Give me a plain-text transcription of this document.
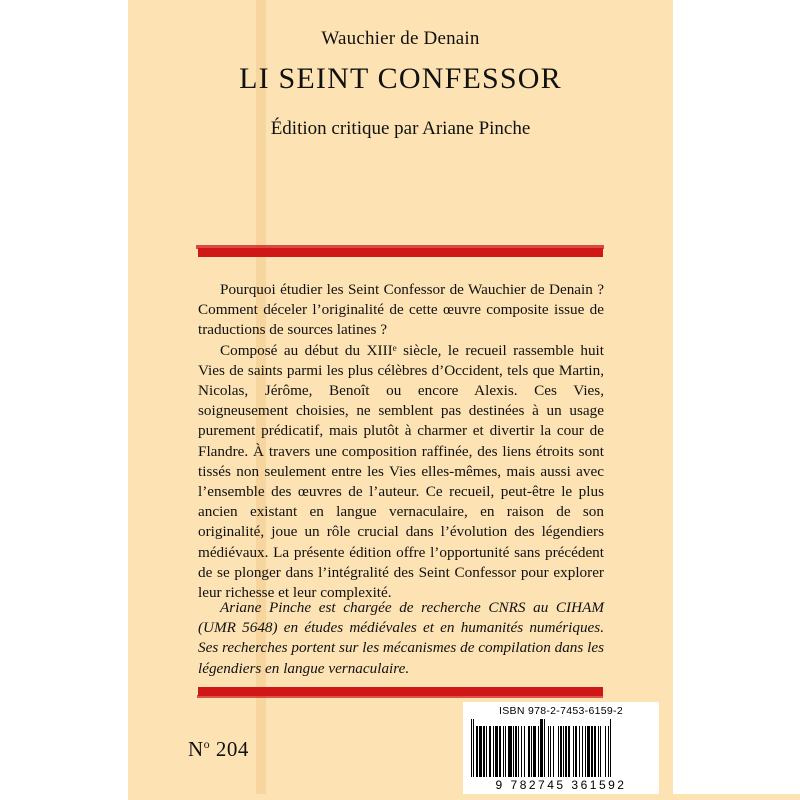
Wauchier de Denain
LI SEINT CONFESSOR
Édition critique par Ariane Pinche

Pourquoi étudier les Seint Confessor de Wauchier de Denain ? Comment déceler l’originalité de cette œuvre composite issue de traductions de sources latines ?

Composé au début du XIIIᵉ siècle, le recueil rassemble huit Vies de saints parmi les plus célèbres d’Occident, tels que Martin, Nicolas, Jérôme, Benoît ou encore Alexis. Ces Vies, soigneusement choisies, ne semblent pas destinées à un usage purement prédicatif, mais plutôt à charmer et divertir la cour de Flandre. À travers une composition raffinée, des liens étroits sont tissés non seulement entre les Vies elles-mêmes, mais aussi avec l’ensemble des œuvres de l’auteur. Ce recueil, peut-être le plus ancien existant en langue vernaculaire, en raison de son originalité, joue un rôle crucial dans l’évolution des légendiers médiévaux. La présente édition offre l’opportunité sans précédent de se plonger dans l’intégralité des Seint Confessor pour explorer leur richesse et leur complexité.

Ariane Pinche est chargée de recherche CNRS au CIHAM (UMR 5648) en études médiévales et en humanités numériques. Ses recherches portent sur les mécanismes de compilation dans les légendiers en langue vernaculaire.

$N^o$ 204
ISBN 978-2-7453-6159-2
9 782745 361592
